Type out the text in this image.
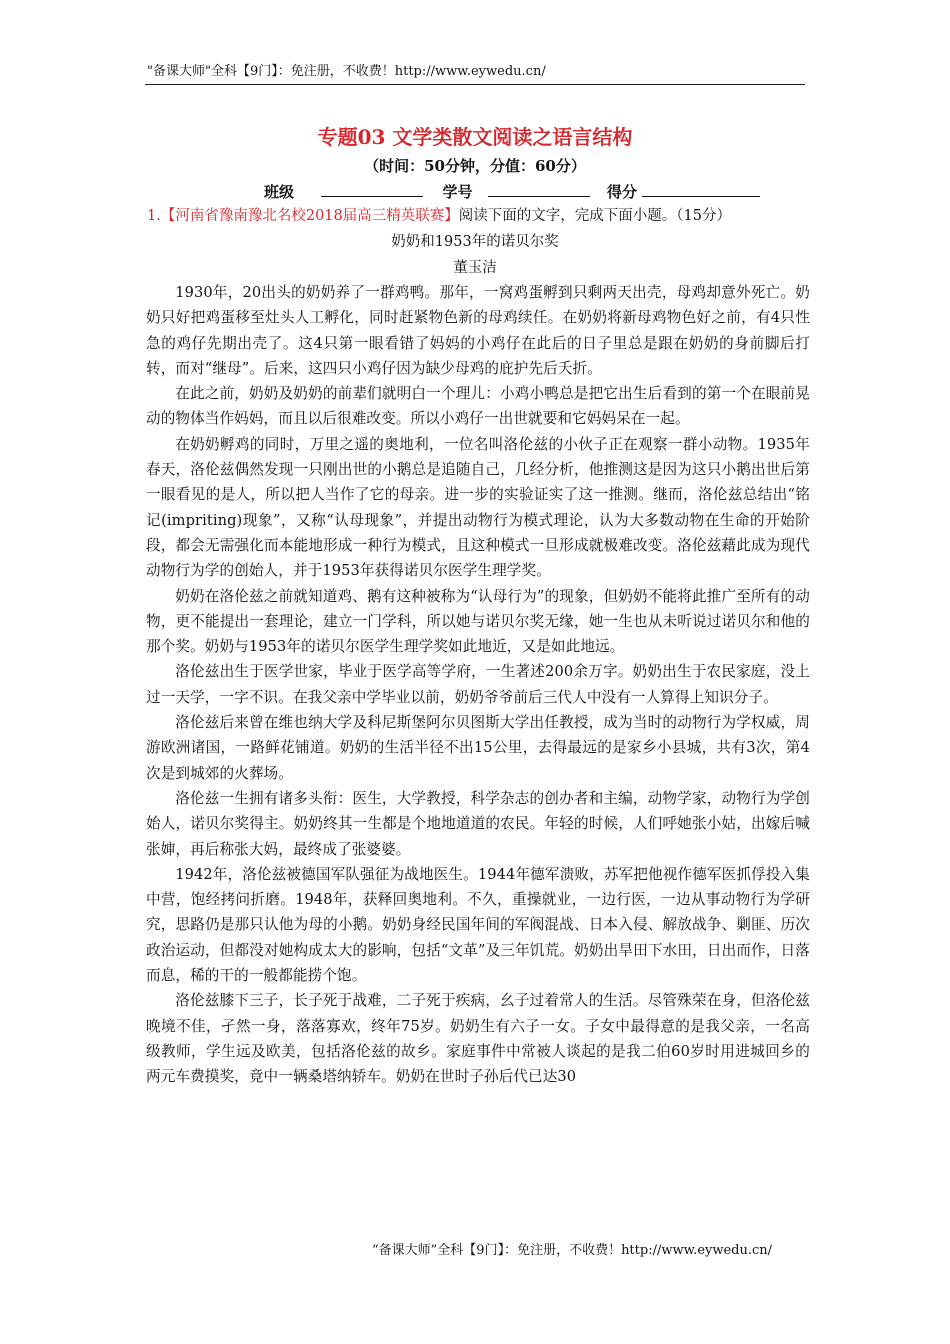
"备课大师"全科【9门】：免注册，不收费！http://www.eywedu.cn/
专题03 文学类散文阅读之语言结构
（时间：50分钟，分值：60分）
班级	学号	得分
1.【河南省豫南豫北名校2018届高三精英联赛】阅读下面的文字，完成下面小题。（15分）
奶奶和1953年的诺贝尔奖
董玉洁

1930年，20出头的奶奶养了一群鸡鸭。那年，一窝鸡蛋孵到只剩两天出壳，母鸡却意外死亡。奶奶只好把鸡蛋移至灶头人工孵化，同时赶紧物色新的母鸡续任。在奶奶将新母鸡物色好之前，有4只性急的鸡仔先期出壳了。这4只第一眼看错了妈妈的小鸡仔在此后的日子里总是跟在奶奶的身前脚后打转，而对“继母”。后来，这四只小鸡仔因为缺少母鸡的庇护先后夭折。

在此之前，奶奶及奶奶的前辈们就明白一个理儿：小鸡小鸭总是把它出生后看到的第一个在眼前晃动的物体当作妈妈，而且以后很难改变。所以小鸡仔一出世就要和它妈妈呆在一起。

在奶奶孵鸡的同时，万里之遥的奥地利，一位名叫洛伦兹的小伙子正在观察一群小动物。1935年春天，洛伦兹偶然发现一只刚出世的小鹅总是追随自己，几经分析，他推测这是因为这只小鹅出世后第一眼看见的是人，所以把人当作了它的母亲。进一步的实验证实了这一推测。继而，洛伦兹总结出“铭记(impriting)现象”，又称“认母现象”，并提出动物行为模式理论，认为大多数动物在生命的开始阶段，都会无需强化而本能地形成一种行为模式，且这种模式一旦形成就极难改变。洛伦兹藉此成为现代动物行为学的创始人，并于1953年获得诺贝尔医学生理学奖。

奶奶在洛伦兹之前就知道鸡、鹅有这种被称为“认母行为”的现象，但奶奶不能将此推广至所有的动物，更不能提出一套理论，建立一门学科，所以她与诺贝尔奖无缘，她一生也从未听说过诺贝尔和他的那个奖。奶奶与1953年的诺贝尔医学生理学奖如此地近，又是如此地远。

洛伦兹出生于医学世家，毕业于医学高等学府，一生著述200余万字。奶奶出生于农民家庭，没上过一天学，一字不识。在我父亲中学毕业以前，奶奶爷爷前后三代人中没有一人算得上知识分子。

洛伦兹后来曾在维也纳大学及科尼斯堡阿尔贝图斯大学出任教授，成为当时的动物行为学权威，周游欧洲诸国，一路鲜花铺道。奶奶的生活半径不出15公里，去得最远的是家乡小县城，共有3次，第4次是到城郊的火葬场。

洛伦兹一生拥有诸多头衔：医生，大学教授，科学杂志的创办者和主编，动物学家，动物行为学创始人，诺贝尔奖得主。奶奶终其一生都是个地地道道的农民。年轻的时候，人们呼她张小姑，出嫁后喊张婶，再后称张大妈，最终成了张婆婆。

1942年，洛伦兹被德国军队强征为战地医生。1944年德军溃败，苏军把他视作德军医抓俘投入集中营，饱经拷问折磨。1948年，获释回奥地利。不久，重操就业，一边行医，一边从事动物行为学研究，思路仍是那只认他为母的小鹅。奶奶身经民国年间的军阀混战、日本入侵、解放战争、剿匪、历次政治运动，但都没对她构成太大的影响，包括“文革”及三年饥荒。奶奶出旱田下水田，日出而作，日落而息，稀的干的一般都能捞个饱。

洛伦兹膝下三子，长子死于战难，二子死于疾病，幺子过着常人的生活。尽管殊荣在身，但洛伦兹晚境不佳，孑然一身，落落寡欢，终年75岁。奶奶生有六子一女。子女中最得意的是我父亲，一名高级教师，学生远及欧美，包括洛伦兹的故乡。家庭事件中常被人谈起的是我二伯60岁时用进城回乡的两元车费摸奖，竟中一辆桑塔纳轿车。奶奶在世时子孙后代已达30

“备课大师”全科【9门】：免注册，不收费！http://www.eywedu.cn/
